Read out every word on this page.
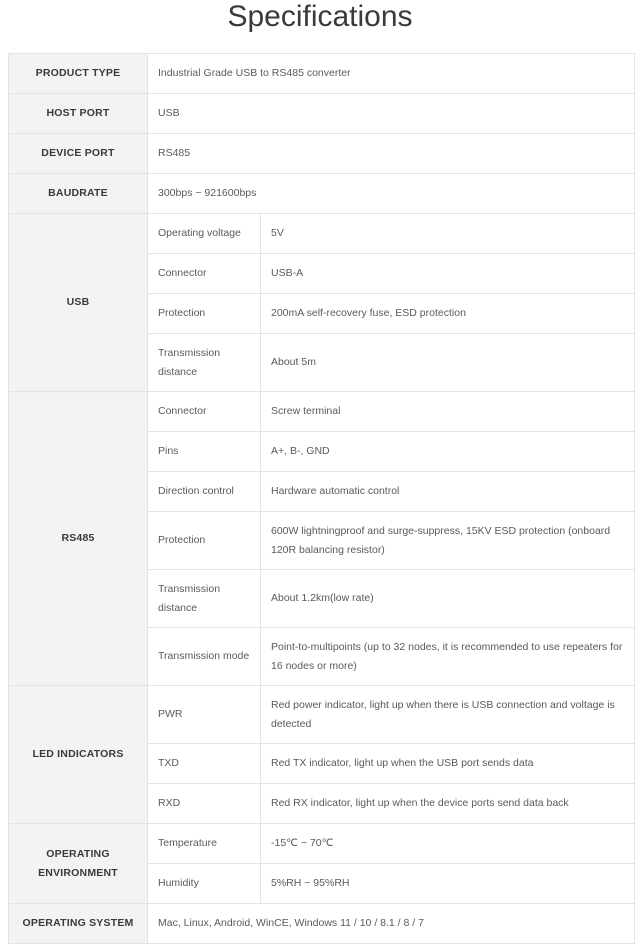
Specifications
PRODUCT TYPE	Industrial Grade USB to RS485 converter	
HOST PORT	USB	
DEVICE PORT	RS485	
BAUDRATE	300bps ~ 921600bps	
USB	Operating voltage	5V
	Connector	USB-A
	Protection	200mA self-recovery fuse, ESD protection
	Transmission distance	About 5m
RS485	Connector	Screw terminal
	Pins	A+, B-, GND
	Direction control	Hardware automatic control
	Protection	600W lightningproof and surge-suppress, 15KV ESD protection (onboard 120R balancing resistor)
	Transmission distance	About 1.2km(low rate)
	Transmission mode	Point-to-multipoints (up to 32 nodes, it is recommended to use repeaters for 16 nodes or more)
LED INDICATORS	PWR	Red power indicator, light up when there is USB connection and voltage is detected
	TXD	Red TX indicator, light up when the USB port sends data
	RXD	Red RX indicator, light up when the device ports send data back
OPERATING ENVIRONMENT	Temperature	-15℃ ~ 70℃
	Humidity	5%RH ~ 95%RH
OPERATING SYSTEM	Mac, Linux, Android, WinCE, Windows 11 / 10 / 8.1 / 8 / 7	
